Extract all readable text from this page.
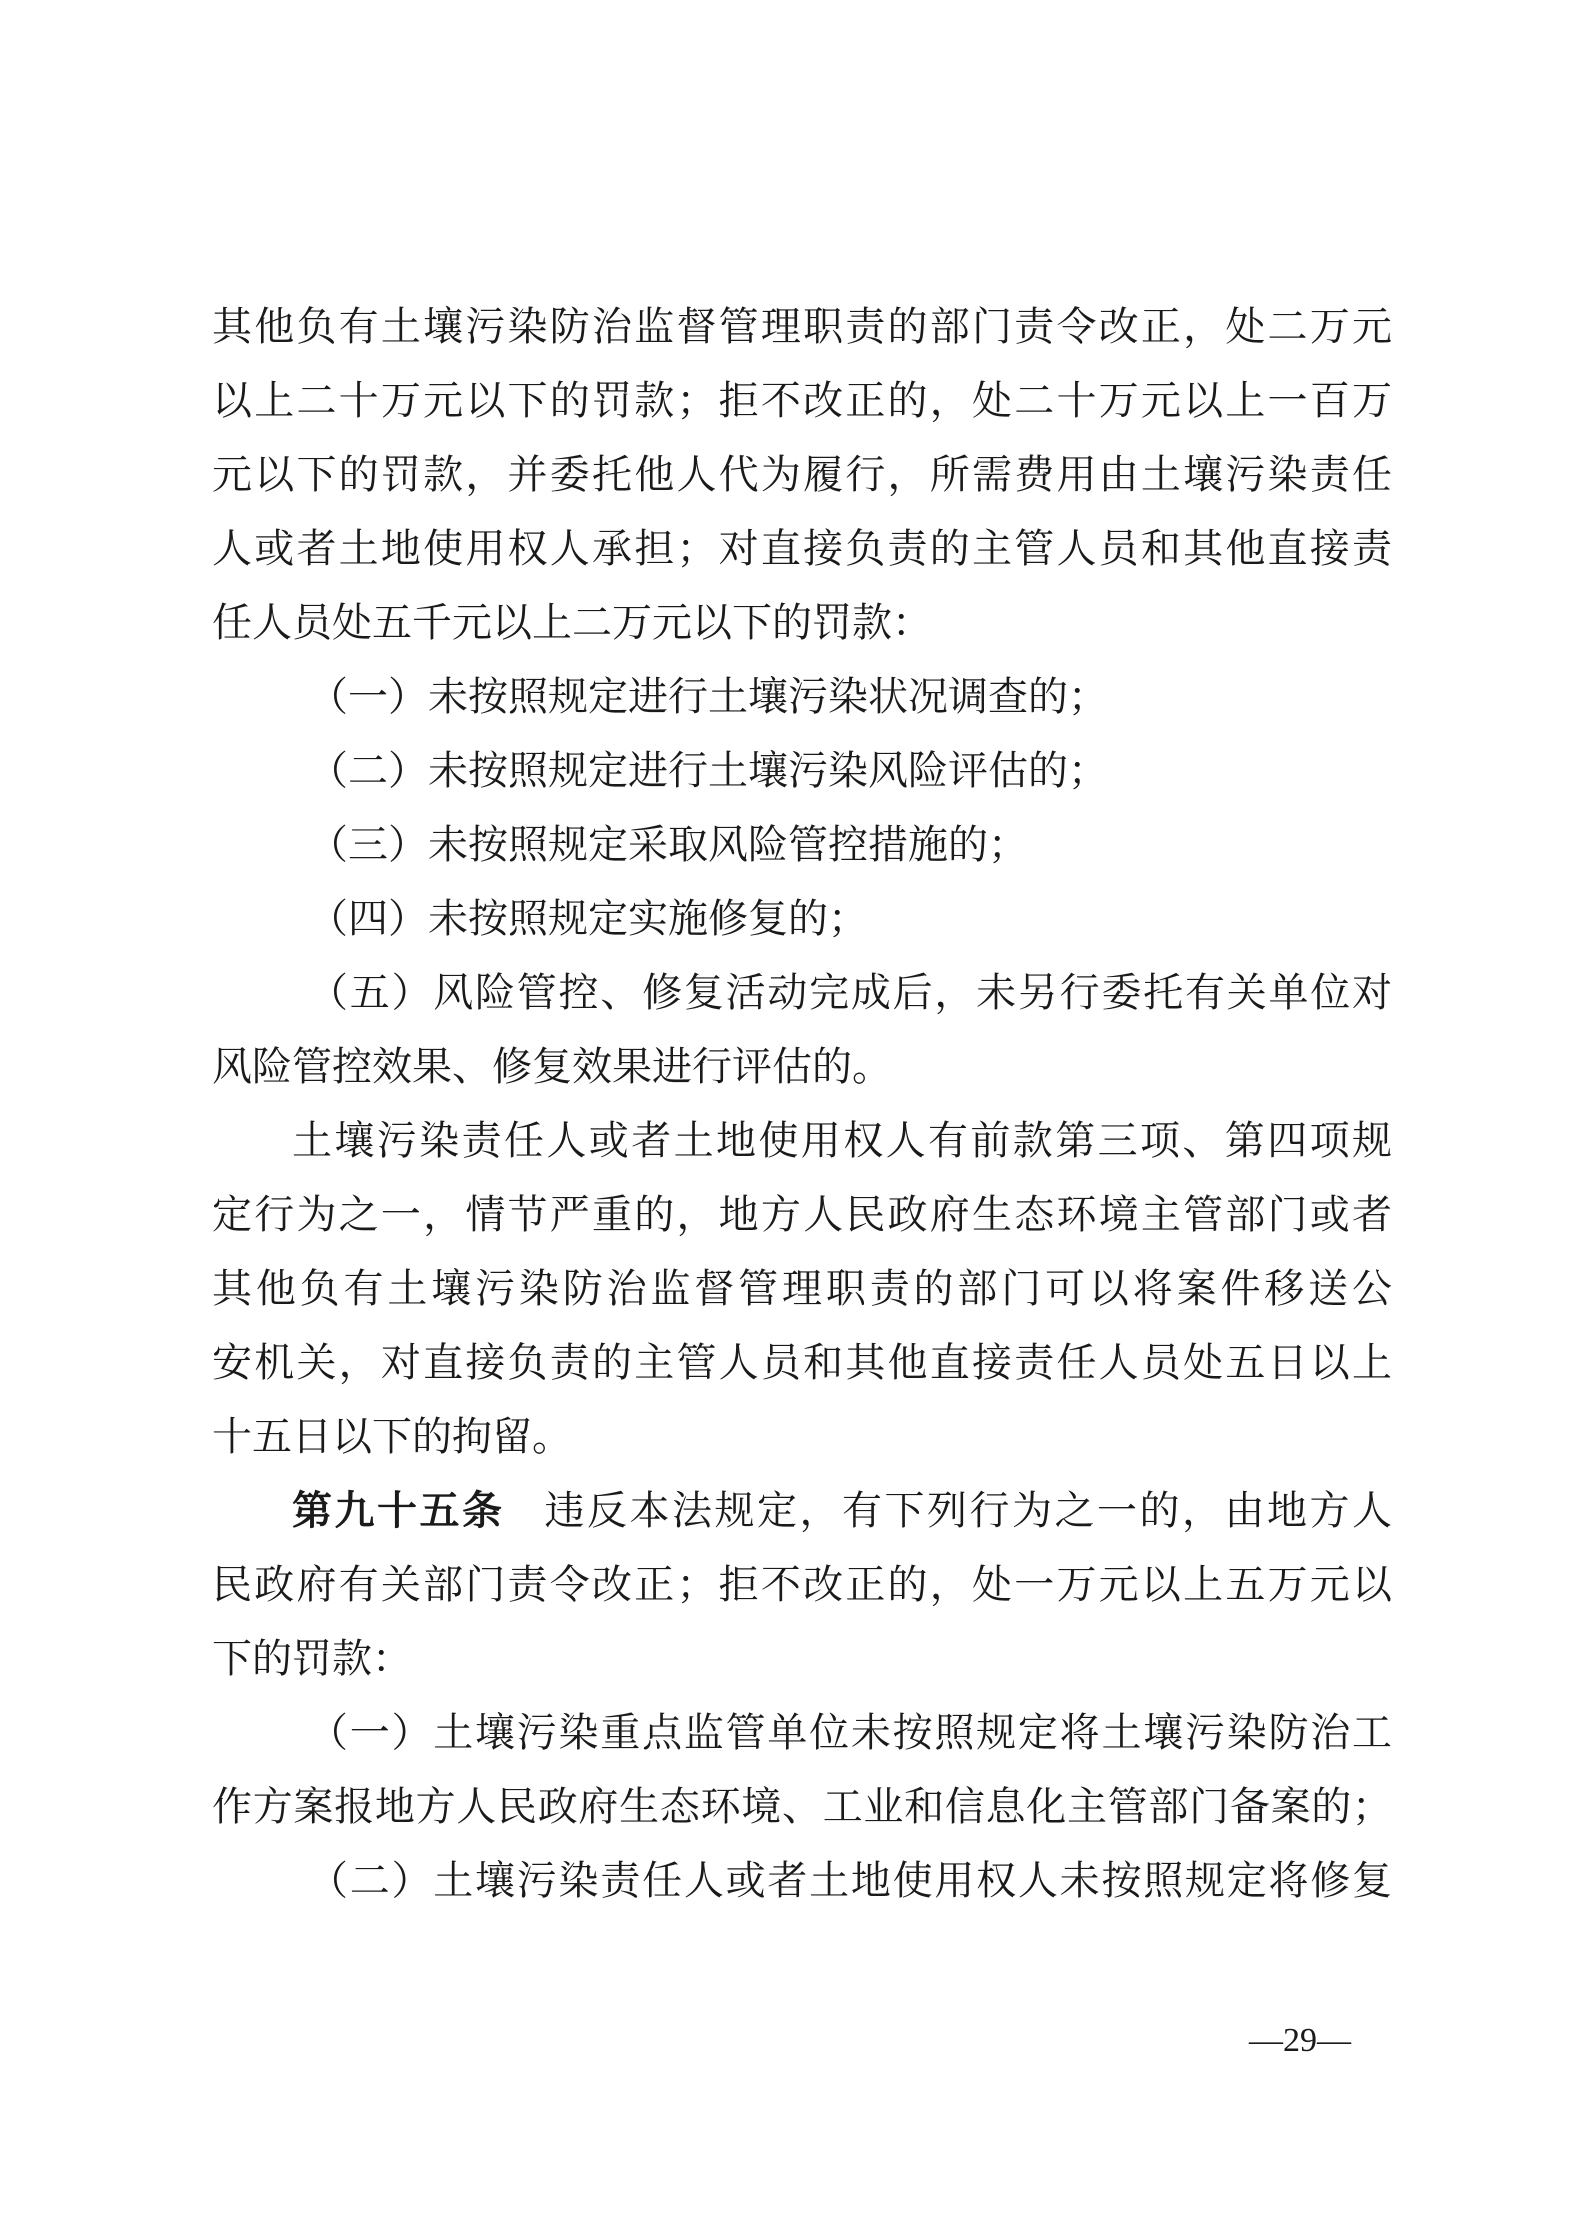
其他负有土壤污染防治监督管理职责的部门责令改正，处二万元
以上二十万元以下的罚款；拒不改正的，处二十万元以上一百万
元以下的罚款，并委托他人代为履行，所需费用由土壤污染责任
人或者土地使用权人承担；对直接负责的主管人员和其他直接责
任人员处五千元以上二万元以下的罚款：
（一）未按照规定进行土壤污染状况调查的；
（二）未按照规定进行土壤污染风险评估的；
（三）未按照规定采取风险管控措施的；
（四）未按照规定实施修复的；
（五）风险管控、修复活动完成后，未另行委托有关单位对
风险管控效果、修复效果进行评估的。
土壤污染责任人或者土地使用权人有前款第三项、第四项规
定行为之一，情节严重的，地方人民政府生态环境主管部门或者
其他负有土壤污染防治监督管理职责的部门可以将案件移送公
安机关，对直接负责的主管人员和其他直接责任人员处五日以上
十五日以下的拘留。
第九十五条 违反本法规定，有下列行为之一的，由地方人
民政府有关部门责令改正；拒不改正的，处一万元以上五万元以
下的罚款：
（一）土壤污染重点监管单位未按照规定将土壤污染防治工
作方案报地方人民政府生态环境、工业和信息化主管部门备案的；
（二）土壤污染责任人或者土地使用权人未按照规定将修复
—29—
